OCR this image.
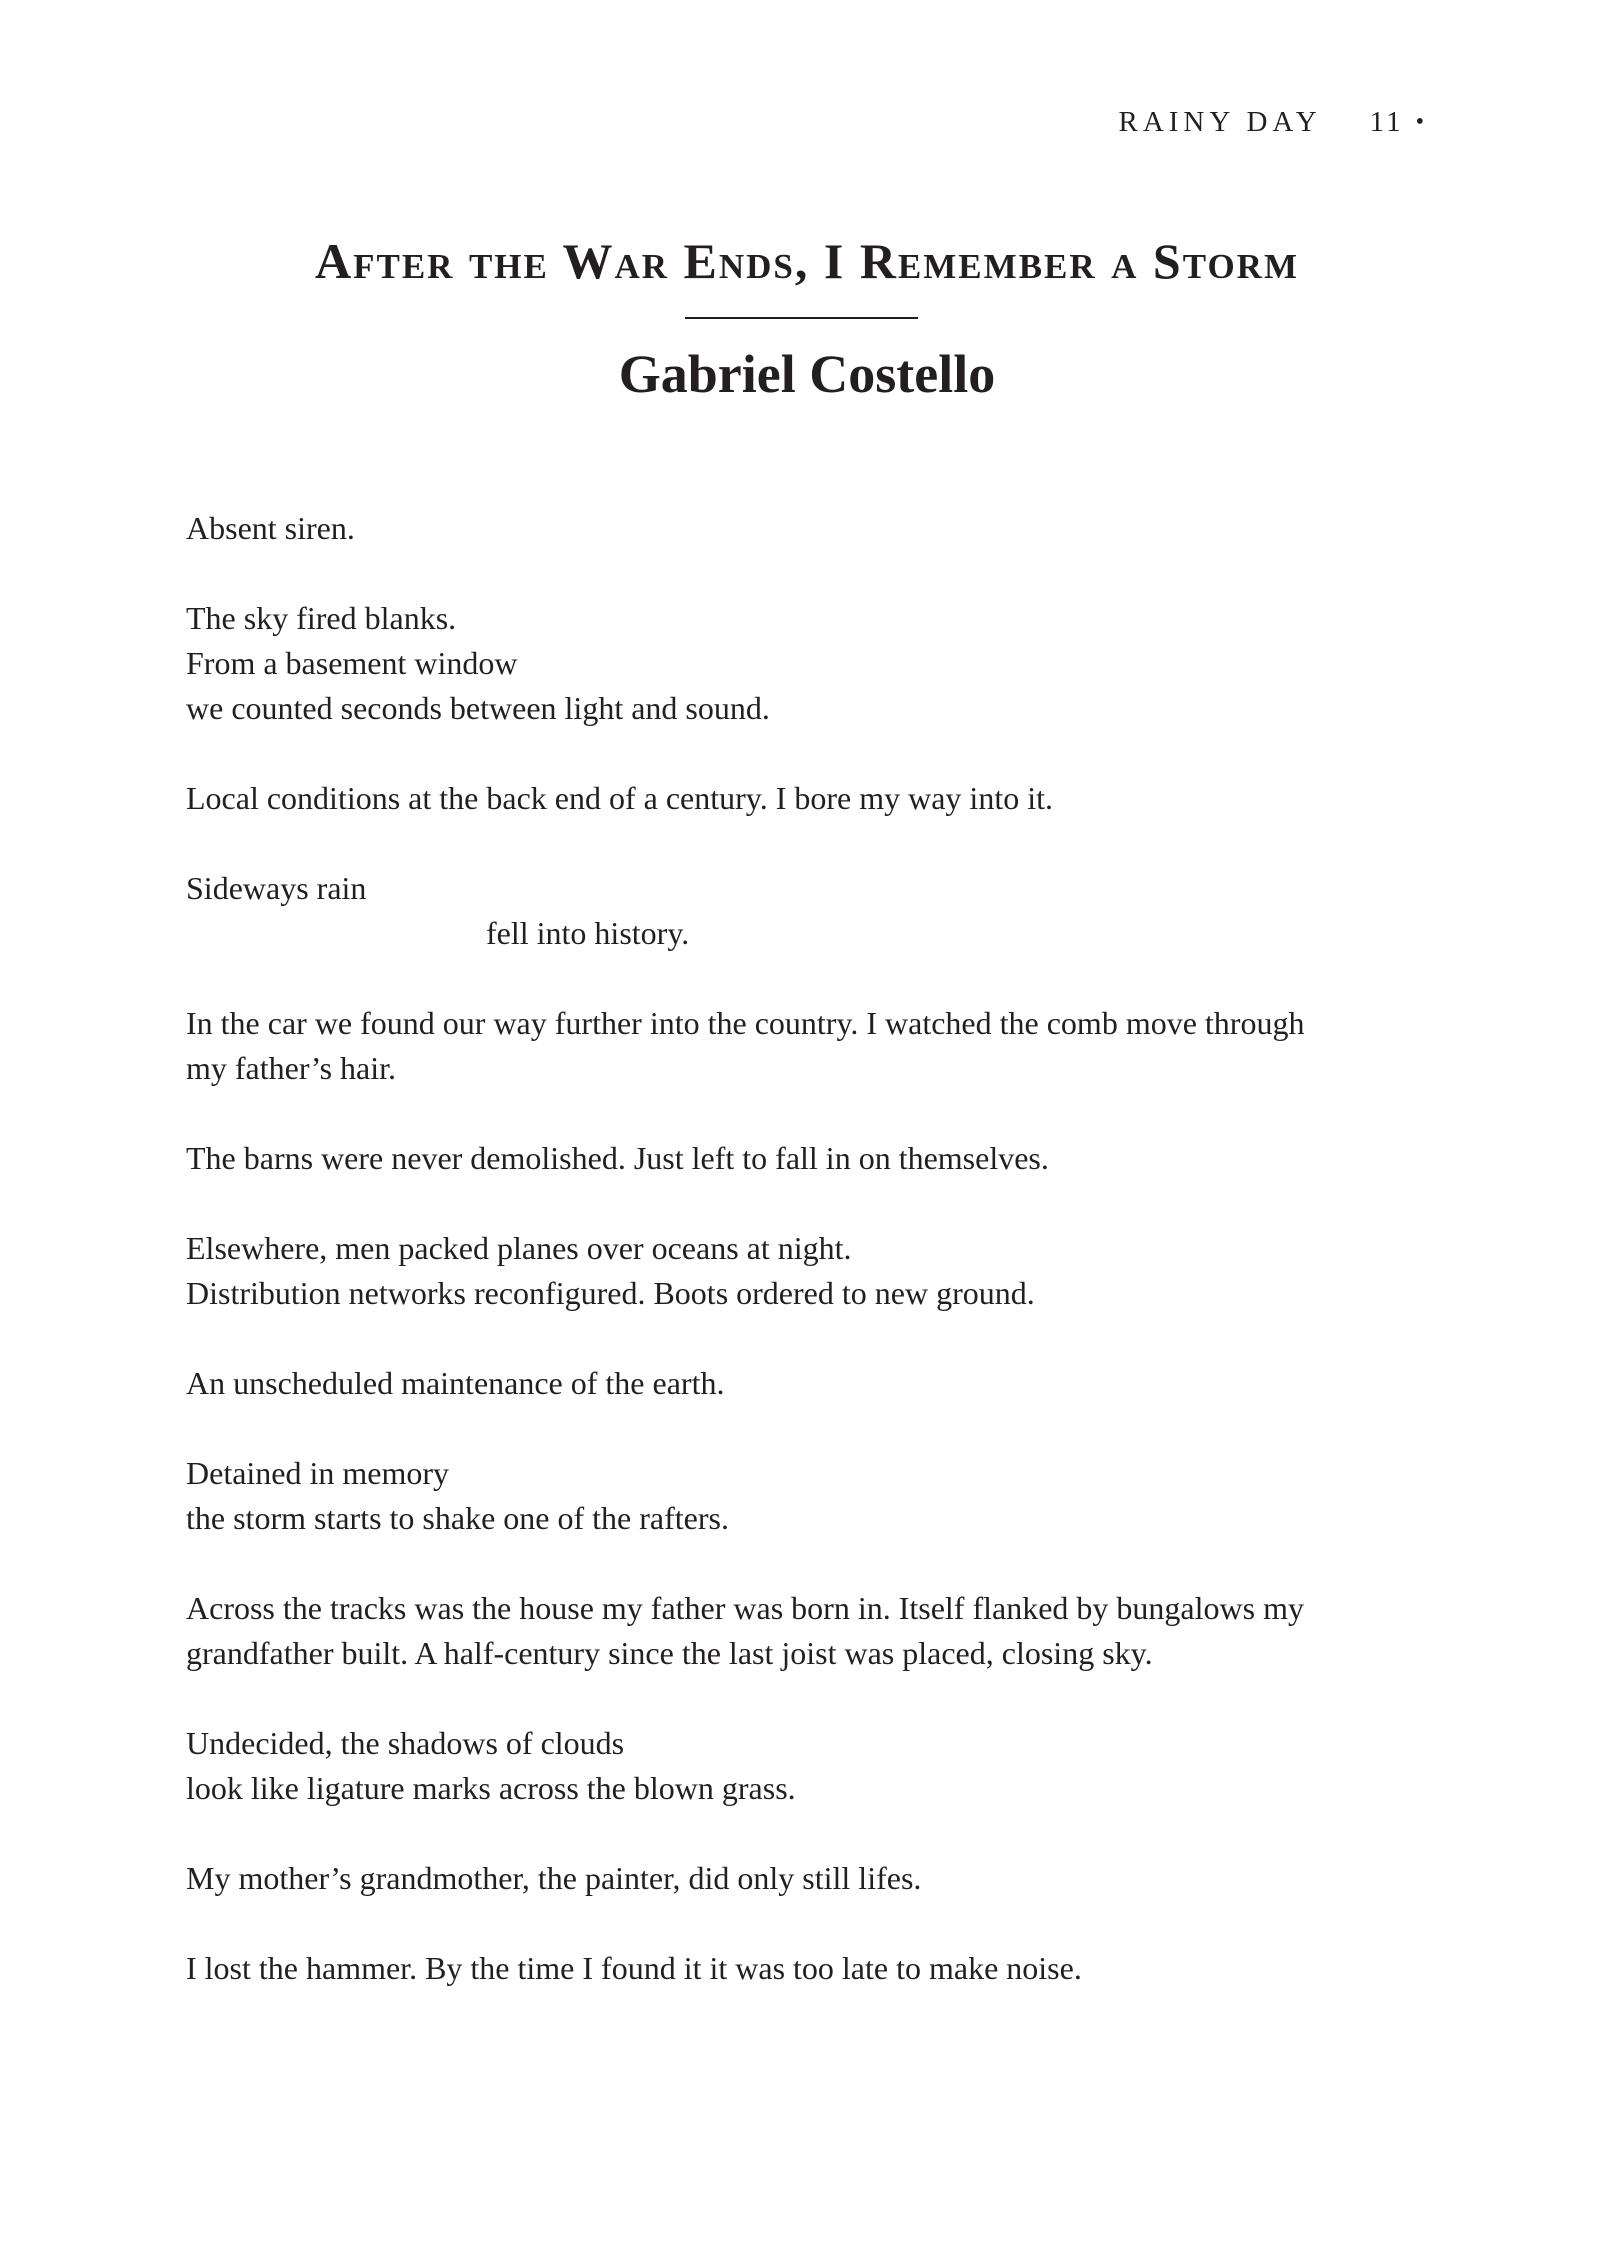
RAINY DAY 11 •
After the War Ends, I Remember a Storm
Gabriel Costello

Absent siren.

The sky fired blanks.
From a basement window
we counted seconds between light and sound.

Local conditions at the back end of a century. I bore my way into it.

Sideways rain
fell into history.

In the car we found our way further into the country. I watched the comb move through
my father’s hair.

The barns were never demolished. Just left to fall in on themselves.

Elsewhere, men packed planes over oceans at night.
Distribution networks reconfigured. Boots ordered to new ground.

An unscheduled maintenance of the earth.

Detained in memory
the storm starts to shake one of the rafters.

Across the tracks was the house my father was born in. Itself flanked by bungalows my
grandfather built. A half-century since the last joist was placed, closing sky.

Undecided, the shadows of clouds
look like ligature marks across the blown grass.

My mother’s grandmother, the painter, did only still lifes.

I lost the hammer. By the time I found it it was too late to make noise.
